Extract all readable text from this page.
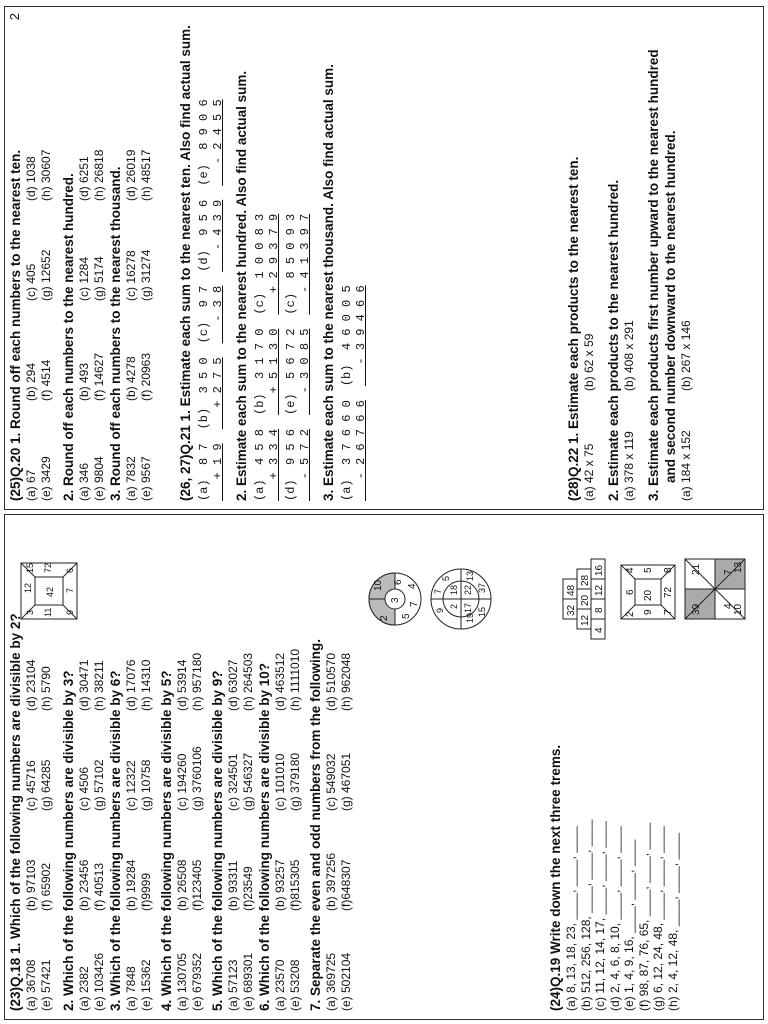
(23)Q.18 1. Which of the following numbers are divisible by 2?
(a) 36708
(b) 97103
(c) 45716
(d) 23104
(e) 57421
(f) 65902
(g) 64285
(h) 5790 2. Which of the following numbers are divisible by 3? (a) 2382
(b) 23456
(c) 4506
(d) 30471
(e) 103426
(f) 40513
(g) 57102
(h) 38211 3. Which of the following numbers are divisible by 6? (a) 7848
(b) 19284
(c) 12322
(d) 17076
(e) 15362
(f)9999
(g) 10758
(h) 14310 4. Which of the following numbers are divisible by 5? (a) 130705
(b) 26508
(c) 194260
(d) 53914
(e) 679352
(f)123405
(g) 3760106
(h) 957180 5. Which of the following numbers are divisible by 9? (a) 57123
(b) 93311
(c) 324501
(d) 63027
(e) 689301
(f)23549
(g) 546327
(h) 264503 6. Which of the following numbers are divisible by 10? (a) 23570
(b) 93257
(c) 101010
(d) 463512
(e) 53208
(f)815305
(g) 379180
(h) 1111010 7. Separate the even and odd numbers from the following. (a) 369725
(b) 397256
(c) 549032
(d) 510570
(e) 502104
(f)648307
(g) 467051
(h) 962048
(24)Q.19 Write down the next three trems. (a) 8, 13, 18, 23, ____, ____, ____ (b) 512, 256, 128, ____, ____, ____ (c) 11, 12, 14, 17, ____, ____, ____ (d) 2, 4, 6, 8, 10, ____, ____, ____ (e) 1, 4, 9, 16, ____, ____, ____ (f) 98, 87, 76, 65, ____, ____, ____ (g) 6, 12, 24, 48, ____, ____, ____ (h) 2, 4, 12, 48, ____, ____, ____
32
48
12
20
28
4
8
12
16
2
4
6
5
9
20
7
72
8
39
21
4
7
10
13
2
10
3
6
5
4
7
7
5 13
18 22 37
17 15
19
2
9
3
12
15 72
42
11 9
7
6
2
(25)Q.20 1. Round off each numbers to the nearest ten.
(a) 67
(b) 294
(c) 405
(d) 1038
(e) 3429
(f) 4514
(g) 12652
(h) 30607 2. Round off each numbers to the nearest hundred. (a) 346
(b) 493
(c) 1284
(d) 6251
(e) 9804
(f) 14627
(g) 5174
(h) 26818 3. Round off each numbers to the nearest thousand. (a) 7832
(b) 4278
(c) 16278
(d) 26019
(e) 9567
(f) 20963
(g) 31274
(h) 48517
(26, 27)Q.21 1. Estimate each sum to the nearest ten. Also find actual sum.
(a)  8 7 + 1 9
(b)  3 5 0 + 2 7 5
(c)  9 7 - 3 8
(d)  9 5 6 - 4 3 9
(e)  8 9 0 6 - 2 4 5 5 2. Estimate each sum to the nearest hundred. Also find actual sum. (a)  4 5 8 + 3 3 4
(b)  3 1 7 0 + 5 1 3 0
(c)  1 0 0 8 3 + 2 9 3 7 9
(d)  9 5 6 - 5 7 2
(e)  5 6 7 2 - 3 0 8 5
(c)  8 5 0 9 3 - 4 1 3 9 7 3. Estimate each sum to the nearest thousand. Also find actual sum. (a)  3 7 6 6 0 - 2 6 7 6 6
(b)  4 6 0 0 5 - 3 9 4 6 6
(28)Q.22 1. Estimate each products to the nearest ten.
(a) 42 x 75
(b) 62 x 59 2. Estimate each products to the nearest hundred. (a) 378 x 119
(b) 408 x 291 3. Estimate each products first number upward to the nearest hundred and second number downward to the nearest hundred. (a) 184 x 152
(b) 267 x 146
